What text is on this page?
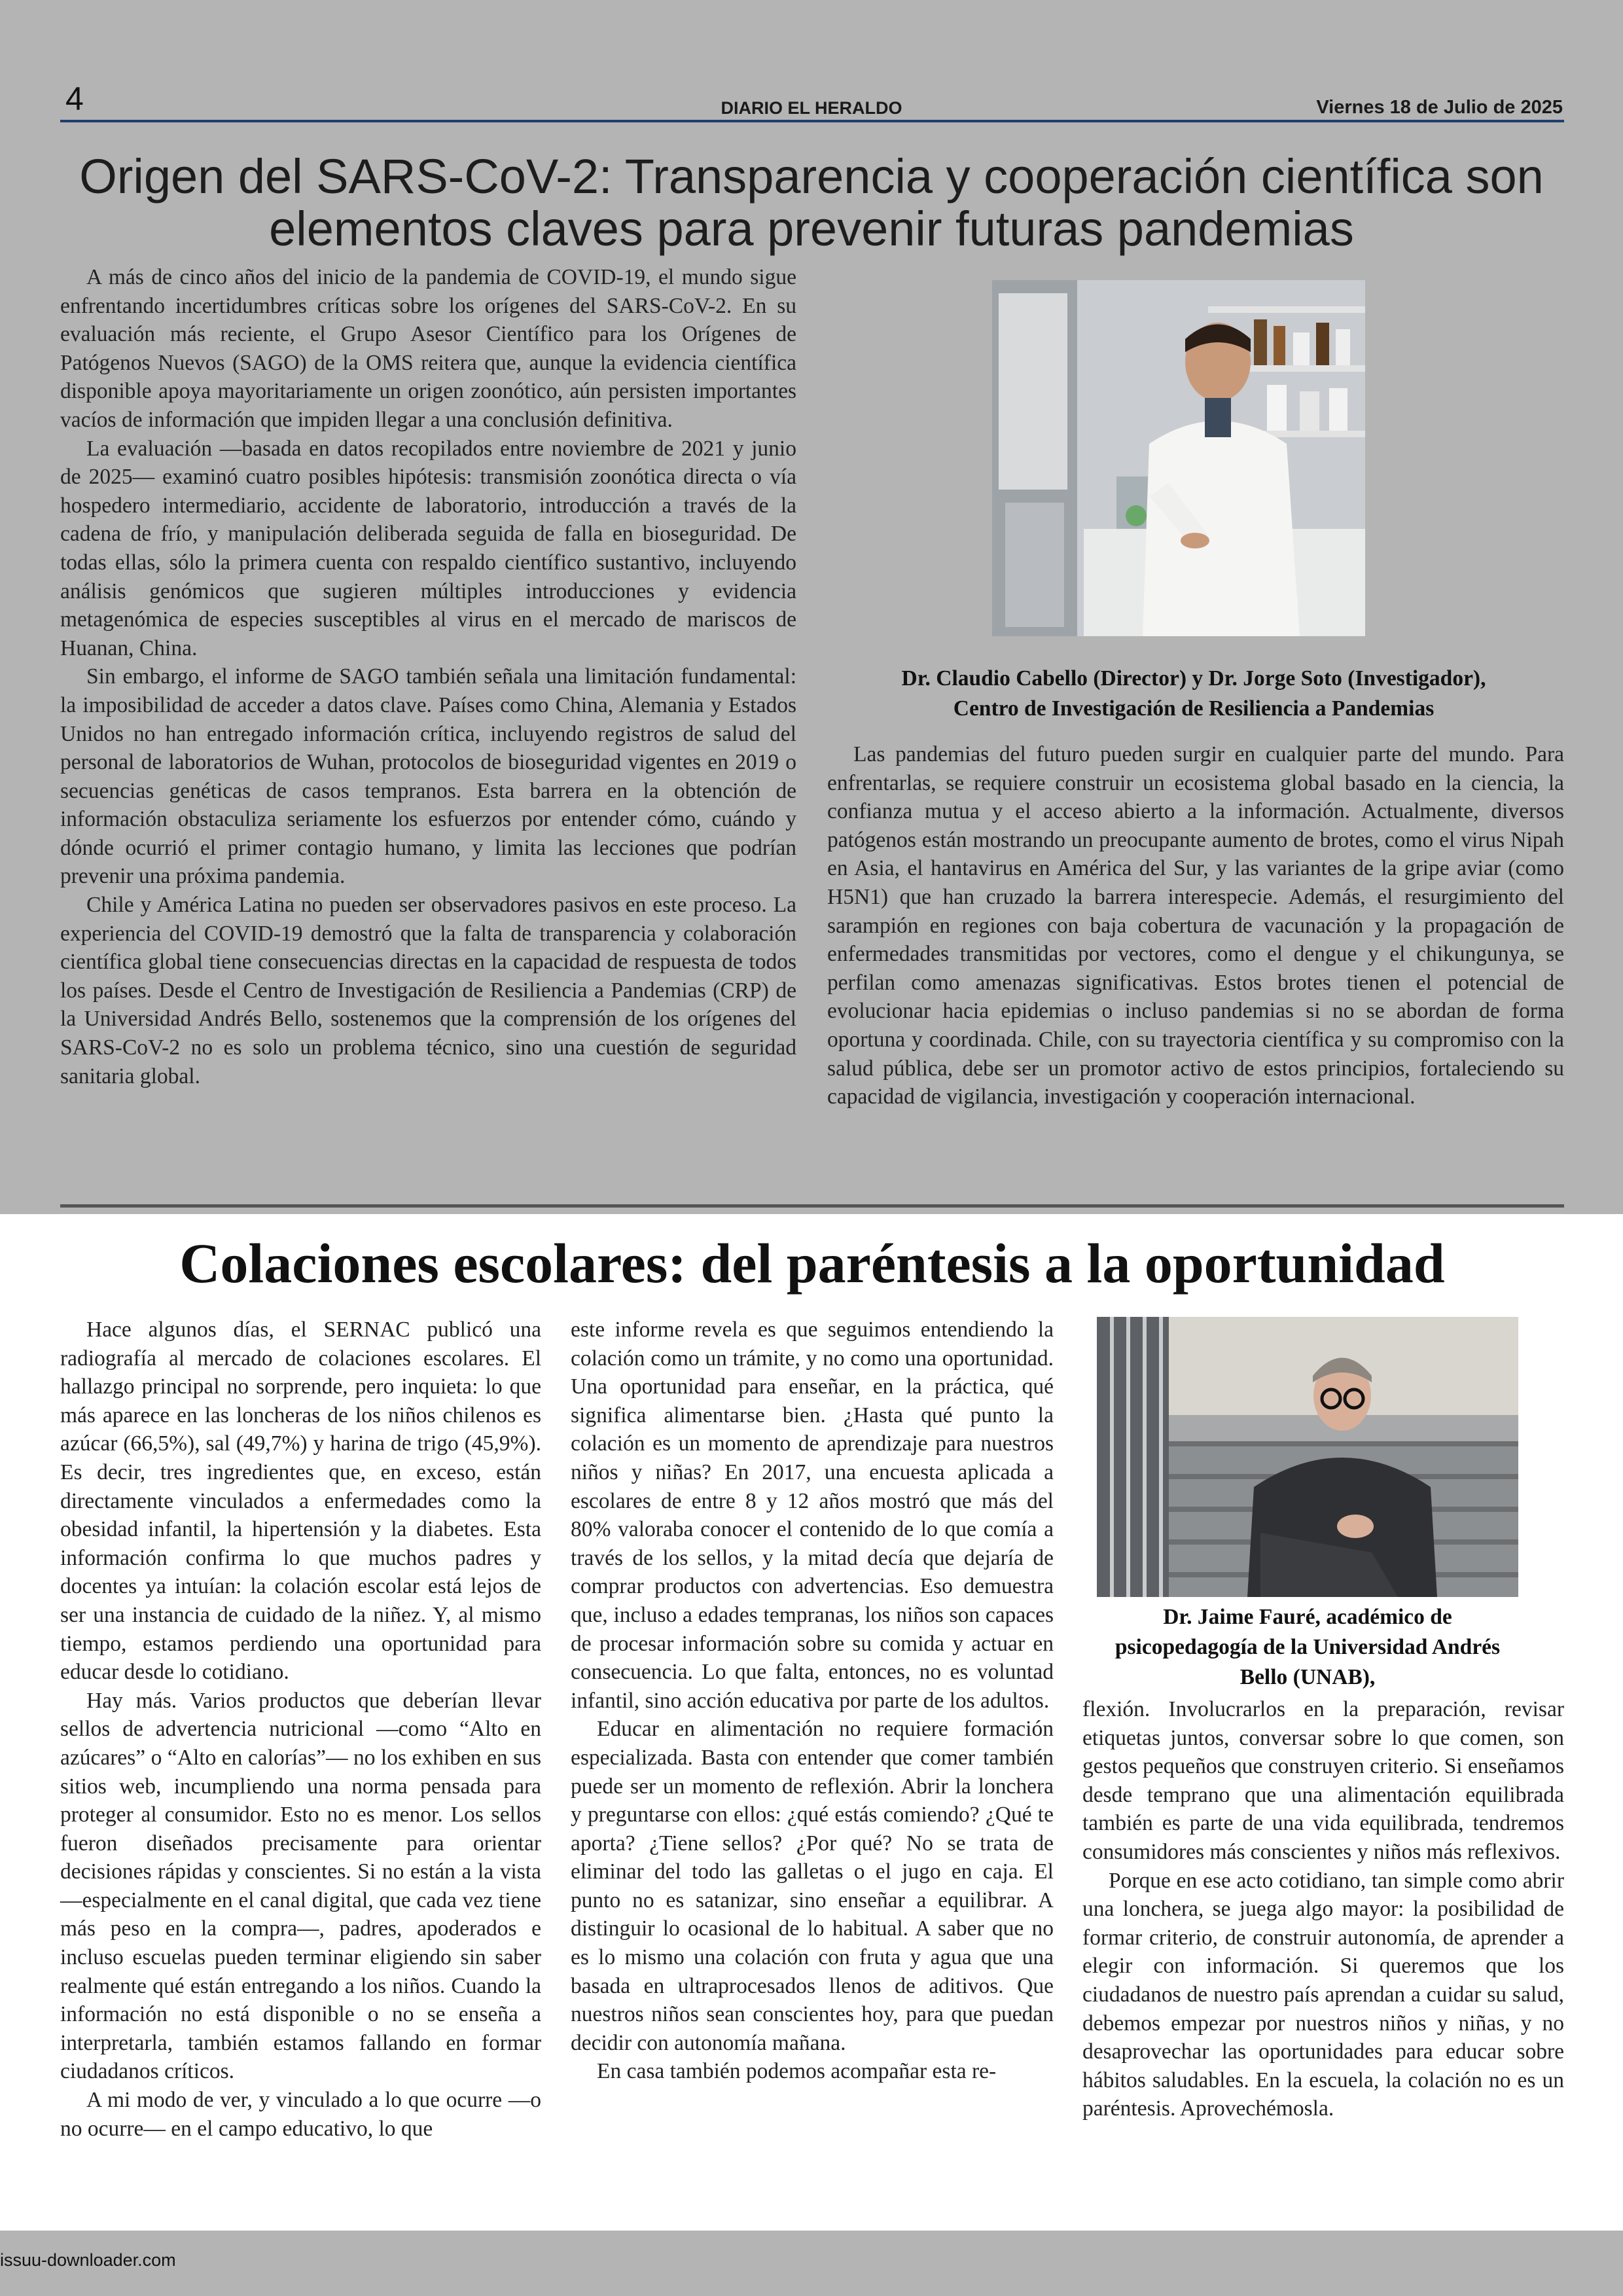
4	DIARIO EL HERALDO	Viernes 18 de Julio de 2025
Origen del SARS-CoV-2: Transparencia y cooperación científica son
elementos claves para prevenir futuras pandemias

A más de cinco años del inicio de la pandemia de COVID-19, el mundo sigue enfrentando incertidumbres críticas sobre los orígenes del SARS-CoV-2. En su evaluación más reciente, el Grupo Asesor Científico para los Orígenes de Patógenos Nuevos (SAGO) de la OMS reitera que, aunque la evidencia científica disponible apoya mayoritariamente un origen zoonótico, aún persisten importantes vacíos de información que impiden llegar a una conclusión definitiva.

La evaluación —basada en datos recopilados entre noviembre de 2021 y junio de 2025— examinó cuatro posibles hipótesis: transmisión zoonótica directa o vía hospedero intermediario, accidente de laboratorio, introducción a través de la cadena de frío, y manipulación deliberada seguida de falla en bioseguridad. De todas ellas, sólo la primera cuenta con respaldo científico sustantivo, incluyendo análisis genómicos que sugieren múltiples introducciones y evidencia metagenómica de especies susceptibles al virus en el mercado de mariscos de Huanan, China.

Sin embargo, el informe de SAGO también señala una limitación fundamental: la imposibilidad de acceder a datos clave. Países como China, Alemania y Estados Unidos no han entregado información crítica, incluyendo registros de salud del personal de laboratorios de Wuhan, protocolos de bioseguridad vigentes en 2019 o secuencias genéticas de casos tempranos. Esta barrera en la obtención de información obstaculiza seriamente los esfuerzos por entender cómo, cuándo y dónde ocurrió el primer contagio humano, y limita las lecciones que podrían prevenir una próxima pandemia.

Chile y América Latina no pueden ser observadores pasivos en este proceso. La experiencia del COVID-19 demostró que la falta de transparencia y colaboración científica global tiene consecuencias directas en la capacidad de respuesta de todos los países. Desde el Centro de Investigación de Resiliencia a Pandemias (CRP) de la Universidad Andrés Bello, sostenemos que la comprensión de los orígenes del SARS-CoV-2 no es solo un problema técnico, sino una cuestión de seguridad sanitaria global.

Dr. Claudio Cabello (Director) y Dr. Jorge Soto (Investigador),
Centro de Investigación de Resiliencia a Pandemias

Las pandemias del futuro pueden surgir en cualquier parte del mundo. Para enfrentarlas, se requiere construir un ecosistema global basado en la ciencia, la confianza mutua y el acceso abierto a la información. Actualmente, diversos patógenos están mostrando un preocupante aumento de brotes, como el virus Nipah en Asia, el hantavirus en América del Sur, y las variantes de la gripe aviar (como H5N1) que han cruzado la barrera interespecie. Además, el resurgimiento del sarampión en regiones con baja cobertura de vacunación y la propagación de enfermedades transmitidas por vectores, como el dengue y el chikungunya, se perfilan como amenazas significativas. Estos brotes tienen el potencial de evolucionar hacia epidemias o incluso pandemias si no se abordan de forma oportuna y coordinada. Chile, con su trayectoria científica y su compromiso con la salud pública, debe ser un promotor activo de estos principios, fortaleciendo su capacidad de vigilancia, investigación y cooperación internacional.

Colaciones escolares: del paréntesis a la oportunidad

Hace algunos días, el SERNAC publicó una radiografía al mercado de colaciones escolares. El hallazgo principal no sorprende, pero inquieta: lo que más aparece en las loncheras de los niños chilenos es azúcar (66,5%), sal (49,7%) y harina de trigo (45,9%). Es decir, tres ingredientes que, en exceso, están directamente vinculados a enfermedades como la obesidad infantil, la hipertensión y la diabetes. Esta información confirma lo que muchos padres y docentes ya intuían: la colación escolar está lejos de ser una instancia de cuidado de la niñez. Y, al mismo tiempo, estamos perdiendo una oportunidad para educar desde lo cotidiano.

Hay más. Varios productos que deberían llevar sellos de advertencia nutricional —como “Alto en azúcares” o “Alto en calorías”— no los exhiben en sus sitios web, incumpliendo una norma pensada para proteger al consumidor. Esto no es menor. Los sellos fueron diseñados precisamente para orientar decisiones rápidas y conscientes. Si no están a la vista —especialmente en el canal digital, que cada vez tiene más peso en la compra—, padres, apoderados e incluso escuelas pueden terminar eligiendo sin saber realmente qué están entregando a los niños. Cuando la información no está disponible o no se enseña a interpretarla, también estamos fallando en formar ciudadanos críticos.

A mi modo de ver, y vinculado a lo que ocurre —o no ocurre— en el campo educativo, lo que

este informe revela es que seguimos entendiendo la colación como un trámite, y no como una oportunidad. Una oportunidad para enseñar, en la práctica, qué significa alimentarse bien. ¿Hasta qué punto la colación es un momento de aprendizaje para nuestros niños y niñas? En 2017, una encuesta aplicada a escolares de entre 8 y 12 años mostró que más del 80% valoraba conocer el contenido de lo que comía a través de los sellos, y la mitad decía que dejaría de comprar productos con advertencias. Eso demuestra que, incluso a edades tempranas, los niños son capaces de procesar información sobre su comida y actuar en consecuencia. Lo que falta, entonces, no es voluntad infantil, sino acción educativa por parte de los adultos.

Educar en alimentación no requiere formación especializada. Basta con entender que comer también puede ser un momento de reflexión. Abrir la lonchera y preguntarse con ellos: ¿qué estás comiendo? ¿Qué te aporta? ¿Tiene sellos? ¿Por qué? No se trata de eliminar del todo las galletas o el jugo en caja. El punto no es satanizar, sino enseñar a equilibrar. A distinguir lo ocasional de lo habitual. A saber que no es lo mismo una colación con fruta y agua que una basada en ultraprocesados llenos de aditivos. Que nuestros niños sean conscientes hoy, para que puedan decidir con autonomía mañana.

En casa también podemos acompañar esta re-

Dr. Jaime Fauré, académico de
psicopedagogía de la Universidad Andrés
Bello (UNAB),

flexión. Involucrarlos en la preparación, revisar etiquetas juntos, conversar sobre lo que comen, son gestos pequeños que construyen criterio. Si enseñamos desde temprano que una alimentación equilibrada también es parte de una vida equilibrada, tendremos consumidores más conscientes y niños más reflexivos.

Porque en ese acto cotidiano, tan simple como abrir una lonchera, se juega algo mayor: la posibilidad de formar criterio, de construir autonomía, de aprender a elegir con información. Si queremos que los ciudadanos de nuestro país aprendan a cuidar su salud, debemos empezar por nuestros niños y niñas, y no desaprovechar las oportunidades para educar sobre hábitos saludables. En la escuela, la colación no es un paréntesis. Aprovechémosla.

issuu-downloader.com
